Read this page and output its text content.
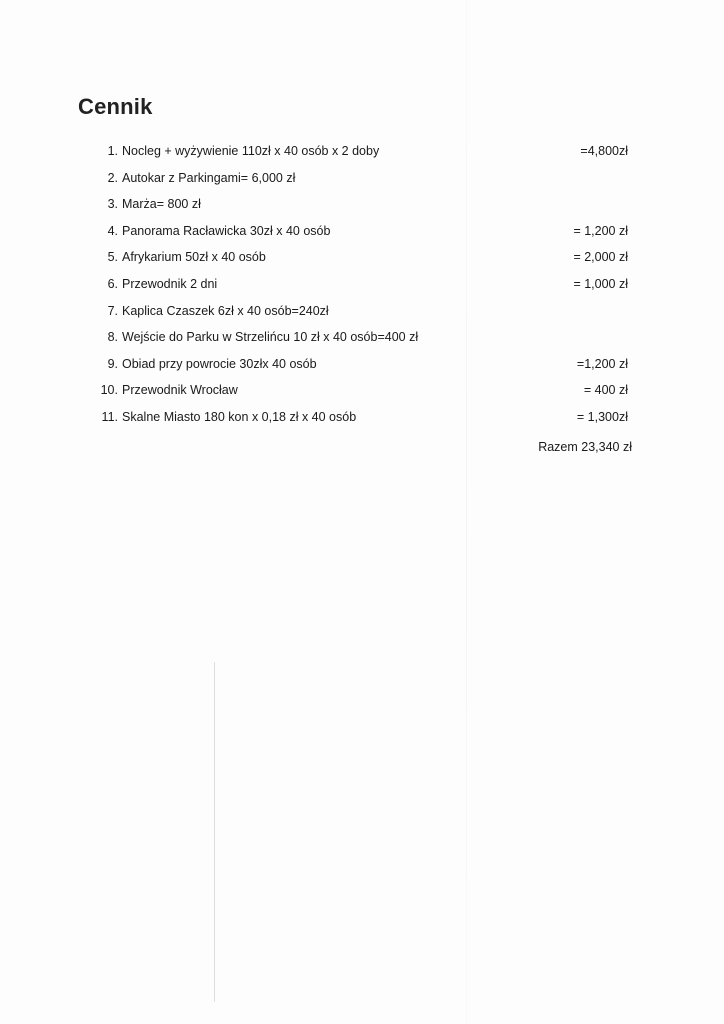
Cennik
1. Nocleg + wyżywienie 110zł x 40 osób x 2 doby	=4,800zł
2. Autokar z Parkingami= 6,000 zł
3. Marża= 800 zł
4. Panorama Racławicka 30zł x 40 osób	= 1,200 zł
5. Afrykarium 50zł x 40 osób	= 2,000 zł
6. Przewodnik 2 dni	= 1,000 zł
7. Kaplica Czaszek 6zł x 40 osób=240zł
8. Wejście do Parku w Strzelińcu 10 zł x 40 osób=400 zł
9. Obiad przy powrocie 30złx 40 osób	=1,200 zł
10. Przewodnik Wrocław	= 400 zł
11. Skalne Miasto 180 kon x 0,18 zł x 40 osób	= 1,300zł
Razem 23,340 zł
